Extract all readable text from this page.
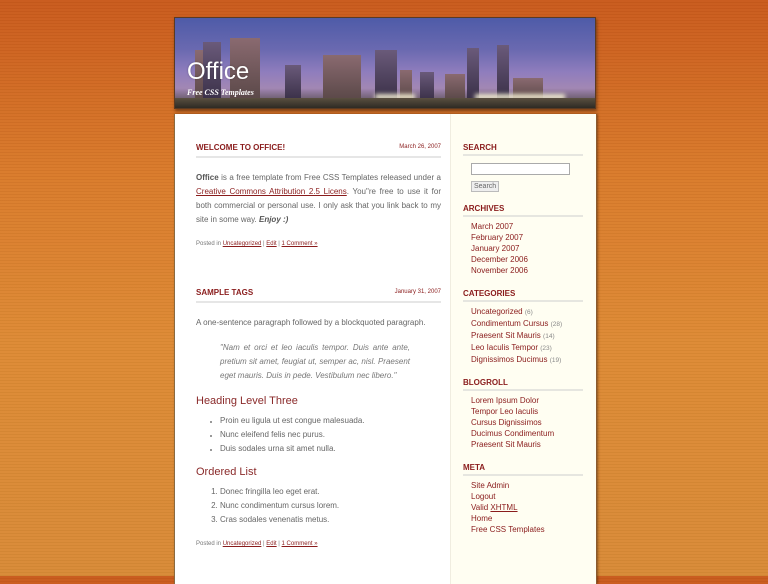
Office
Free CSS Templates
WELCOME TO OFFICE!	March 26, 2007

Office is a free template from Free CSS Templates released under a Creative Commons Attribution 2.5 Licens. You"re free to use it for both commercial or personal use. I only ask that you link back to my site in some way. Enjoy :)

Posted in Uncategorized | Edit | 1 Comment »
SAMPLE TAGS	January 31, 2007

A one-sentence paragraph followed by a blockquoted paragraph.

"Nam et orci et leo iaculis tempor. Duis ante ante, pretium sit amet, feugiat ut, semper ac, nisl. Praesent eget mauris. Duis in pede. Vestibulum nec libero."
Heading Level Three
▪ Proin eu ligula ut est congue malesuada.
▪ Nunc eleifend felis nec purus.
▪ Duis sodales urna sit amet nulla.
Ordered List
1. Donec fringilla leo eget erat.
2. Nunc condimentum cursus lorem.
3. Cras sodales venenatis metus.
Posted in Uncategorized | Edit | 1 Comment »
SEARCH
Search
ARCHIVES
March 2007
February 2007
January 2007
December 2006
November 2006
CATEGORIES
Uncategorized (6)
Condimentum Cursus (28)
Praesent Sit Mauris (14)
Leo Iaculis Tempor (23)
Dignissimos Ducimus (19)
BLOGROLL
Lorem Ipsum Dolor
Tempor Leo Iaculis
Cursus Dignissimos
Ducimus Condimentum
Praesent Sit Mauris
META
Site Admin
Logout
Valid XHTML
Home
Free CSS Templates
